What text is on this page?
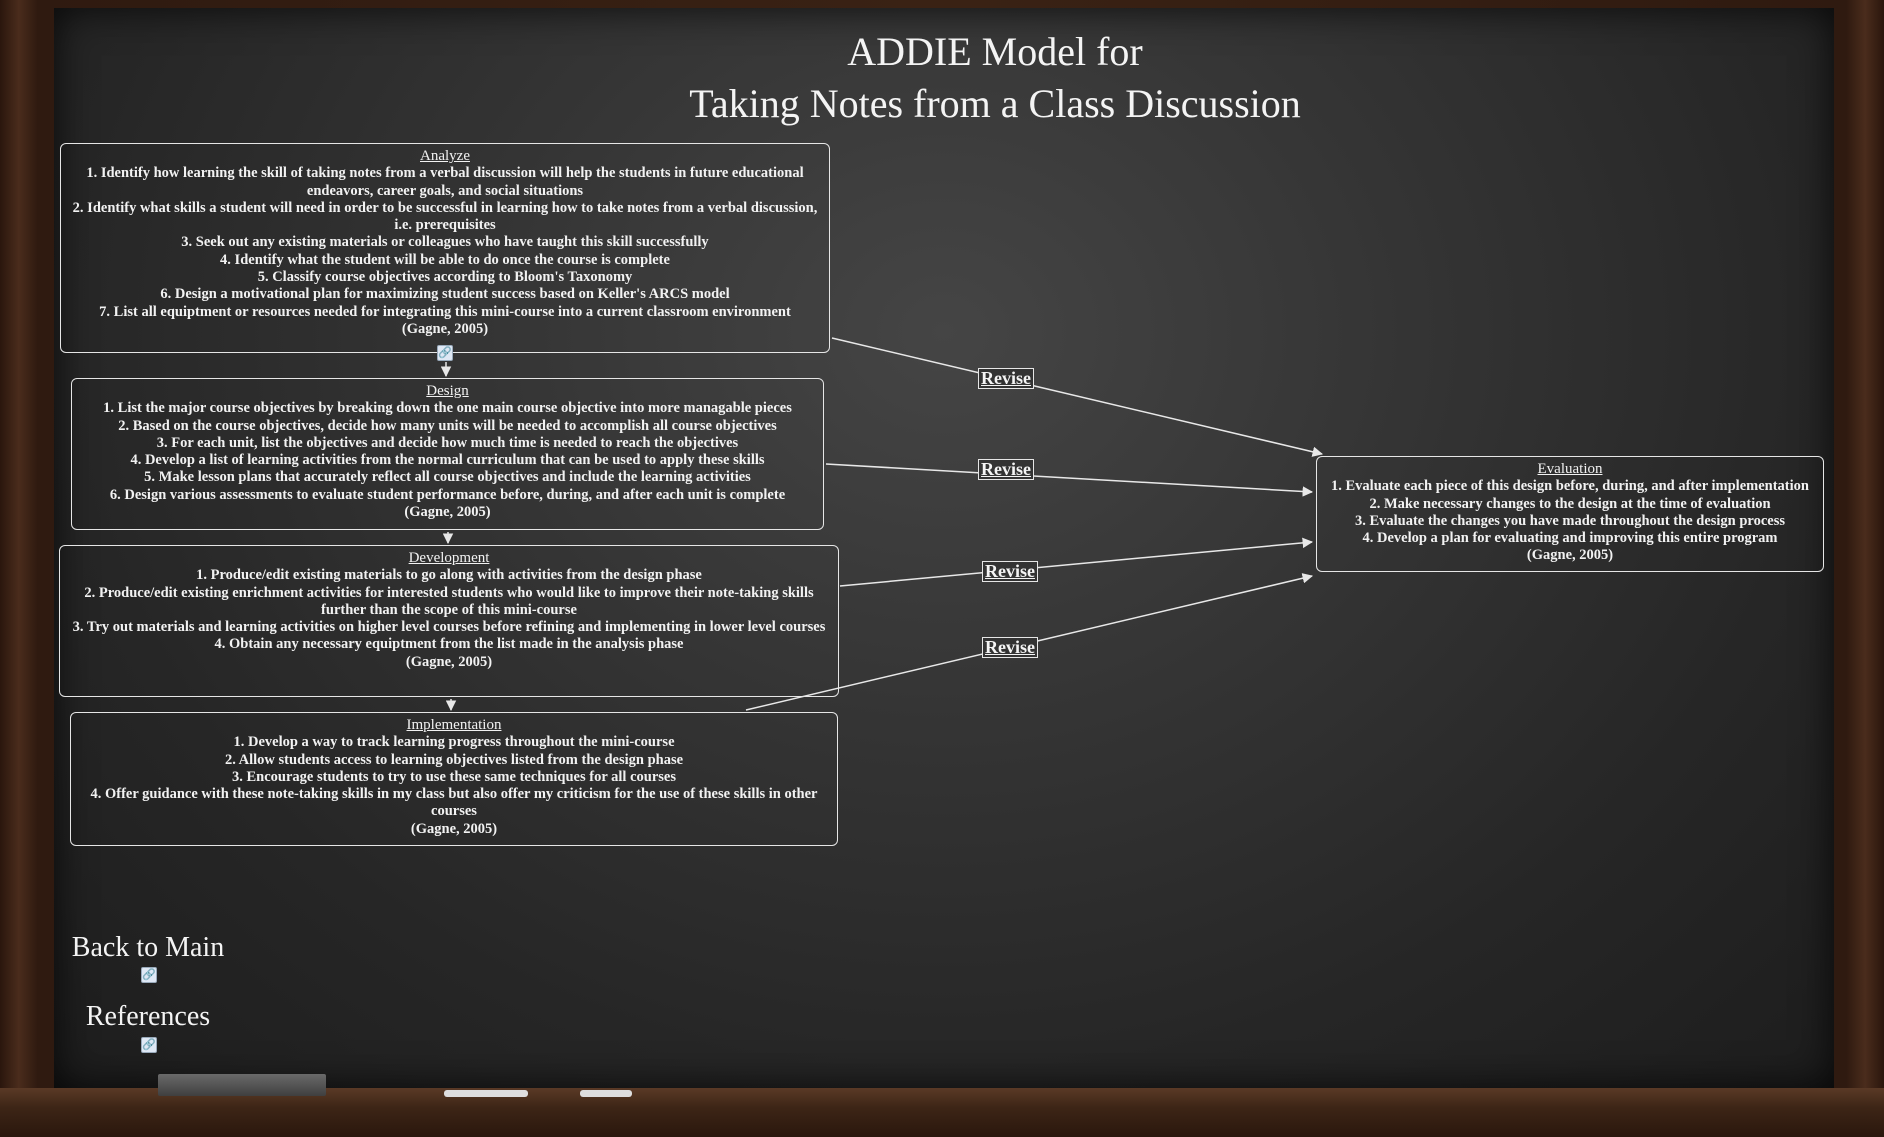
ADDIE Model for
Taking Notes from a Class Discussion
Analyze
1. Identify how learning the skill of taking notes from a verbal discussion will help the students in future educational endeavors, career goals, and social situations
2. Identify what skills a student will need in order to be successful in learning how to take notes from a verbal discussion, i.e. prerequisites
3. Seek out any existing materials or colleagues who have taught this skill successfully
4. Identify what the student will be able to do once the course is complete
5. Classify course objectives according to Bloom's Taxonomy
6. Design a motivational plan for maximizing student success based on Keller's ARCS model
7. List all equiptment or resources needed for integrating this mini-course into a current classroom environment
(Gagne, 2005)
🔗
Design
1. List the major course objectives by breaking down the one main course objective into more managable pieces
2. Based on the course objectives, decide how many units will be needed to accomplish all course objectives
3. For each unit, list the objectives and decide how much time is needed to reach the objectives
4. Develop a list of learning activities from the normal curriculum that can be used to apply these skills
5. Make lesson plans that accurately reflect all course objectives and include the learning activities
6. Design various assessments to evaluate student performance before, during, and after each unit is complete
(Gagne, 2005)
Development
1. Produce/edit existing materials to go along with activities from the design phase
2. Produce/edit existing enrichment activities for interested students who would like to improve their note-taking skills further than the scope of this mini-course
3. Try out materials and learning activities on higher level courses before refining and implementing in lower level courses
4. Obtain any necessary equiptment from the list made in the analysis phase
(Gagne, 2005)
Implementation
1. Develop a way to track learning progress throughout the mini-course
2. Allow students access to learning objectives listed from the design phase
3. Encourage students to try to use these same techniques for all courses
4. Offer guidance with these note-taking skills in my class but also offer my criticism for the use of these skills in other courses
(Gagne, 2005)
Evaluation
1. Evaluate each piece of this design before, during, and after implementation
2. Make necessary changes to the design at the time of evaluation
3. Evaluate the changes you have made throughout the design process
4. Develop a plan for evaluating and improving this entire program
(Gagne, 2005)
Revise
Revise
Revise
Revise
Back to Main
🔗
References
🔗
